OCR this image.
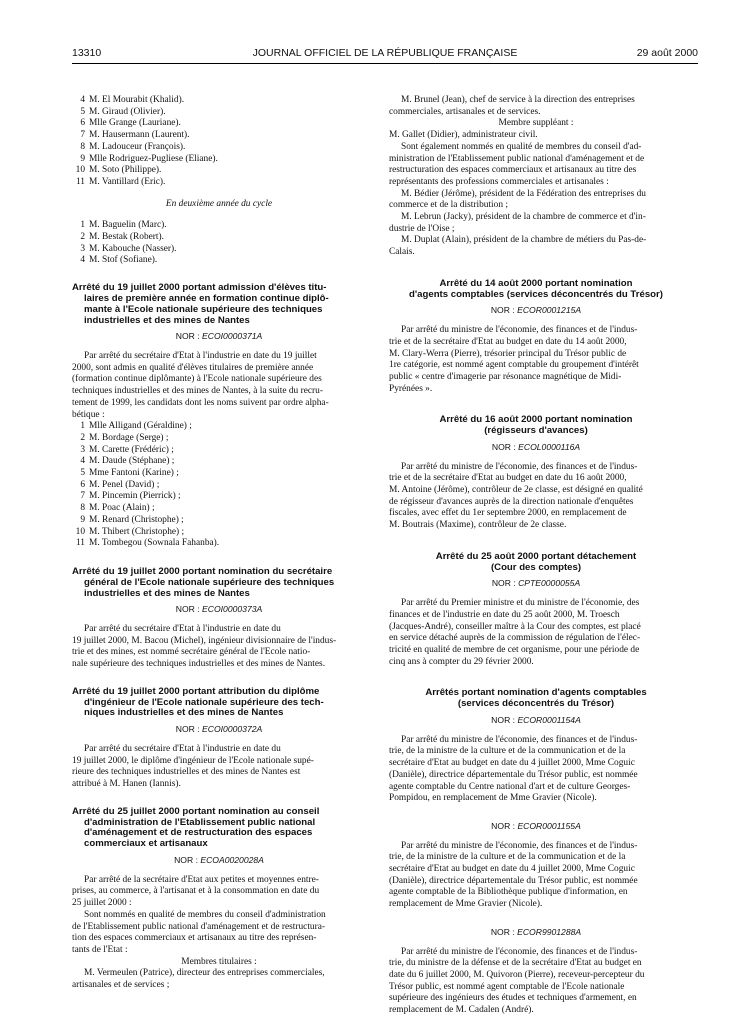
13310	JOURNAL OFFICIEL DE LA RÉPUBLIQUE FRANÇAISE	29 août 2000
4 M. El Mourabit (Khalid).
5 M. Giraud (Olivier).
6 Mlle Grange (Lauriane).
7 M. Hausermann (Laurent).
8 M. Ladouceur (François).
9 Mlle Rodriguez-Pugliese (Eliane).
10 M. Soto (Philippe).
11 M. Vantillard (Eric).
En deuxième année du cycle
1 M. Baguelin (Marc).
2 M. Bestak (Robert).
3 M. Kabouche (Nasser).
4 M. Stof (Sofiane).
Arrêté du 19 juillet 2000 portant admission d'élèves titu-
laires de première année en formation continue diplô-
mante à l'Ecole nationale supérieure des techniques
industrielles et des mines de Nantes
NOR : ECOI0000371A
Par arrêté du secrétaire d'Etat à l'industrie en date du 19 juillet
2000, sont admis en qualité d'élèves titulaires de première année
(formation continue diplômante) à l'Ecole nationale supérieure des
techniques industrielles et des mines de Nantes, à la suite du recru-
tement de 1999, les candidats dont les noms suivent par ordre alpha-
bétique :
1 Mlle Alligand (Géraldine) ;
2 M. Bordage (Serge) ;
3 M. Carette (Frédéric) ;
4 M. Daude (Stéphane) ;
5 Mme Fantoni (Karine) ;
6 M. Penel (David) ;
7 M. Pincemin (Pierrick) ;
8 M. Poac (Alain) ;
9 M. Renard (Christophe) ;
10 M. Thibert (Christophe) ;
11 M. Tombegou (Sownala Fahanba).
Arrêté du 19 juillet 2000 portant nomination du secrétaire
général de l'Ecole nationale supérieure des techniques
industrielles et des mines de Nantes
NOR : ECOI0000373A
Par arrêté du secrétaire d'Etat à l'industrie en date du
19 juillet 2000, M. Bacou (Michel), ingénieur divisionnaire de l'indus-
trie et des mines, est nommé secrétaire général de l'Ecole natio-
nale supérieure des techniques industrielles et des mines de Nantes.
Arrêté du 19 juillet 2000 portant attribution du diplôme
d'ingénieur de l'Ecole nationale supérieure des tech-
niques industrielles et des mines de Nantes
NOR : ECOI0000372A
Par arrêté du secrétaire d'Etat à l'industrie en date du
19 juillet 2000, le diplôme d'ingénieur de l'Ecole nationale supé-
rieure des techniques industrielles et des mines de Nantes est
attribué à M. Hanen (Iannis).
Arrêté du 25 juillet 2000 portant nomination au conseil
d'administration de l'Etablissement public national
d'aménagement et de restructuration des espaces
commerciaux et artisanaux
NOR : ECOA0020028A
Par arrêté de la secrétaire d'Etat aux petites et moyennes entre-
prises, au commerce, à l'artisanat et à la consommation en date du
25 juillet 2000 :
Sont nommés en qualité de membres du conseil d'administration
de l'Etablissement public national d'aménagement et de restructura-
tion des espaces commerciaux et artisanaux au titre des représen-
tants de l'Etat :
Membres titulaires :
M. Vermeulen (Patrice), directeur des entreprises commerciales,
artisanales et de services ;
M. Brunel (Jean), chef de service à la direction des entreprises
commerciales, artisanales et de services.
Membre suppléant :
M. Gallet (Didier), administrateur civil.
Sont également nommés en qualité de membres du conseil d'ad-
ministration de l'Etablissement public national d'aménagement et de
restructuration des espaces commerciaux et artisanaux au titre des
représentants des professions commerciales et artisanales :
M. Bédier (Jérôme), président de la Fédération des entreprises du
commerce et de la distribution ;
M. Lebrun (Jacky), président de la chambre de commerce et d'in-
dustrie de l'Oise ;
M. Duplat (Alain), président de la chambre de métiers du Pas-de-
Calais.
Arrêté du 14 août 2000 portant nomination
d'agents comptables (services déconcentrés du Trésor)
NOR : ECOR0001215A
Par arrêté du ministre de l'économie, des finances et de l'indus-
trie et de la secrétaire d'Etat au budget en date du 14 août 2000,
M. Clary-Werra (Pierre), trésorier principal du Trésor public de
1re catégorie, est nommé agent comptable du groupement d'intérêt
public « centre d'imagerie par résonance magnétique de Midi-
Pyrénées ».
Arrêté du 16 août 2000 portant nomination
(régisseurs d'avances)
NOR : ECOL0000116A
Par arrêté du ministre de l'économie, des finances et de l'indus-
trie et de la secrétaire d'Etat au budget en date du 16 août 2000,
M. Antoine (Jérôme), contrôleur de 2e classe, est désigné en qualité
de régisseur d'avances auprès de la direction nationale d'enquêtes
fiscales, avec effet du 1er septembre 2000, en remplacement de
M. Boutrais (Maxime), contrôleur de 2e classe.
Arrêté du 25 août 2000 portant détachement
(Cour des comptes)
NOR : CPTE0000055A
Par arrêté du Premier ministre et du ministre de l'économie, des
finances et de l'industrie en date du 25 août 2000, M. Troesch
(Jacques-André), conseiller maître à la Cour des comptes, est placé
en service détaché auprès de la commission de régulation de l'élec-
tricité en qualité de membre de cet organisme, pour une période de
cinq ans à compter du 29 février 2000.
Arrêtés portant nomination d'agents comptables
(services déconcentrés du Trésor)
NOR : ECOR0001154A
Par arrêté du ministre de l'économie, des finances et de l'indus-
trie, de la ministre de la culture et de la communication et de la
secrétaire d'Etat au budget en date du 4 juillet 2000, Mme Coguic
(Danièle), directrice départementale du Trésor public, est nommée
agente comptable du Centre national d'art et de culture Georges-
Pompidou, en remplacement de Mme Gravier (Nicole).
NOR : ECOR0001155A
Par arrêté du ministre de l'économie, des finances et de l'indus-
trie, de la ministre de la culture et de la communication et de la
secrétaire d'Etat au budget en date du 4 juillet 2000, Mme Coguic
(Danièle), directrice départementale du Trésor public, est nommée
agente comptable de la Bibliothèque publique d'information, en
remplacement de Mme Gravier (Nicole).
NOR : ECOR9901288A
Par arrêté du ministre de l'économie, des finances et de l'indus-
trie, du ministre de la défense et de la secrétaire d'Etat au budget en
date du 6 juillet 2000, M. Quivoron (Pierre), receveur-percepteur du
Trésor public, est nommé agent comptable de l'Ecole nationale
supérieure des ingénieurs des études et techniques d'armement, en
remplacement de M. Cadalen (André).
